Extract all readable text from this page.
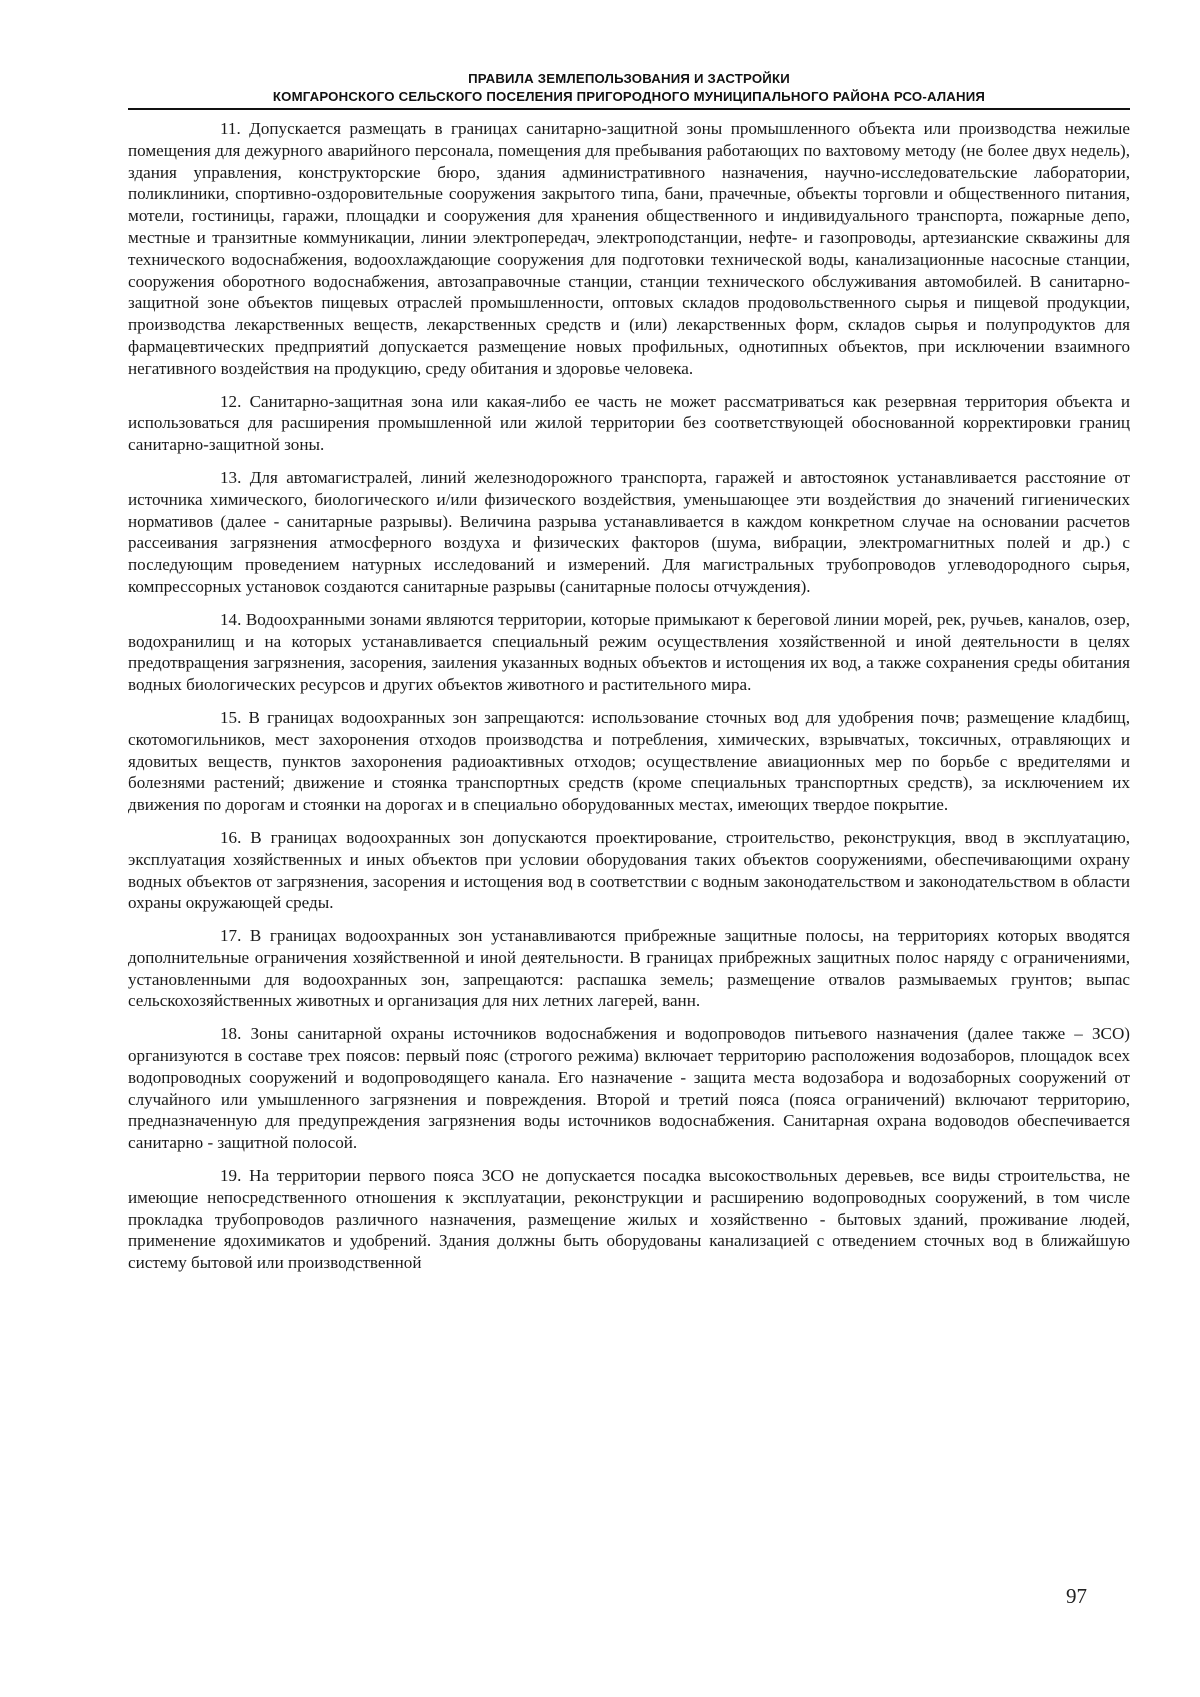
ПРАВИЛА ЗЕМЛЕПОЛЬЗОВАНИЯ И ЗАСТРОЙКИ
КОМГАРОНСКОГО СЕЛЬСКОГО ПОСЕЛЕНИЯ ПРИГОРОДНОГО МУНИЦИПАЛЬНОГО РАЙОНА РСО-АЛАНИЯ

11. Допускается размещать в границах санитарно-защитной зоны промышленного объекта или производства нежилые помещения для дежурного аварийного персонала, помещения для пребывания работающих по вахтовому методу (не более двух недель), здания управления, конструкторские бюро, здания административного назначения, научно-исследовательские лаборатории, поликлиники, спортивно-оздоровительные сооружения закрытого типа, бани, прачечные, объекты торговли и общественного питания, мотели, гостиницы, гаражи, площадки и сооружения для хранения общественного и индивидуального транспорта, пожарные депо, местные и транзитные коммуникации, линии электропередач, электроподстанции, нефте- и газопроводы, артезианские скважины для технического водоснабжения, водоохлаждающие сооружения для подготовки технической воды, канализационные насосные станции, сооружения оборотного водоснабжения, автозаправочные станции, станции технического обслуживания автомобилей. В санитарно-защитной зоне объектов пищевых отраслей промышленности, оптовых складов продовольственного сырья и пищевой продукции, производства лекарственных веществ, лекарственных средств и (или) лекарственных форм, складов сырья и полупродуктов для фармацевтических предприятий допускается размещение новых профильных, однотипных объектов, при исключении взаимного негативного воздействия на продукцию, среду обитания и здоровье человека.

12. Санитарно-защитная зона или какая-либо ее часть не может рассматриваться как резервная территория объекта и использоваться для расширения промышленной или жилой территории без соответствующей обоснованной корректировки границ санитарно-защитной зоны.

13. Для автомагистралей, линий железнодорожного транспорта, гаражей и автостоянок устанавливается расстояние от источника химического, биологического и/или физического воздействия, уменьшающее эти воздействия до значений гигиенических нормативов (далее - санитарные разрывы). Величина разрыва устанавливается в каждом конкретном случае на основании расчетов рассеивания загрязнения атмосферного воздуха и физических факторов (шума, вибрации, электромагнитных полей и др.) с последующим проведением натурных исследований и измерений. Для магистральных трубопроводов углеводородного сырья, компрессорных установок создаются санитарные разрывы (санитарные полосы отчуждения).

14. Водоохранными зонами являются территории, которые примыкают к береговой линии морей, рек, ручьев, каналов, озер, водохранилищ и на которых устанавливается специальный режим осуществления хозяйственной и иной деятельности в целях предотвращения загрязнения, засорения, заиления указанных водных объектов и истощения их вод, а также сохранения среды обитания водных биологических ресурсов и других объектов животного и растительного мира.

15. В границах водоохранных зон запрещаются: использование сточных вод для удобрения почв; размещение кладбищ, скотомогильников, мест захоронения отходов производства и потребления, химических, взрывчатых, токсичных, отравляющих и ядовитых веществ, пунктов захоронения радиоактивных отходов; осуществление авиационных мер по борьбе с вредителями и болезнями растений; движение и стоянка транспортных средств (кроме специальных транспортных средств), за исключением их движения по дорогам и стоянки на дорогах и в специально оборудованных местах, имеющих твердое покрытие.

16. В границах водоохранных зон допускаются проектирование, строительство, реконструкция, ввод в эксплуатацию, эксплуатация хозяйственных и иных объектов при условии оборудования таких объектов сооружениями, обеспечивающими охрану водных объектов от загрязнения, засорения и истощения вод в соответствии с водным законодательством и законодательством в области охраны окружающей среды.

17. В границах водоохранных зон устанавливаются прибрежные защитные полосы, на территориях которых вводятся дополнительные ограничения хозяйственной и иной деятельности. В границах прибрежных защитных полос наряду с ограничениями, установленными для водоохранных зон, запрещаются: распашка земель; размещение отвалов размываемых грунтов; выпас сельскохозяйственных животных и организация для них летних лагерей, ванн.

18. Зоны санитарной охраны источников водоснабжения и водопроводов питьевого назначения (далее также – ЗСО) организуются в составе трех поясов: первый пояс (строгого режима) включает территорию расположения водозаборов, площадок всех водопроводных сооружений и водопроводящего канала. Его назначение - защита места водозабора и водозаборных сооружений от случайного или умышленного загрязнения и повреждения. Второй и третий пояса (пояса ограничений) включают территорию, предназначенную для предупреждения загрязнения воды источников водоснабжения. Санитарная охрана водоводов обеспечивается санитарно - защитной полосой.

19. На территории первого пояса ЗСО не допускается посадка высокоствольных деревьев, все виды строительства, не имеющие непосредственного отношения к эксплуатации, реконструкции и расширению водопроводных сооружений, в том числе прокладка трубопроводов различного назначения, размещение жилых и хозяйственно - бытовых зданий, проживание людей, применение ядохимикатов и удобрений. Здания должны быть оборудованы канализацией с отведением сточных вод в ближайшую систему бытовой или производственной

97
